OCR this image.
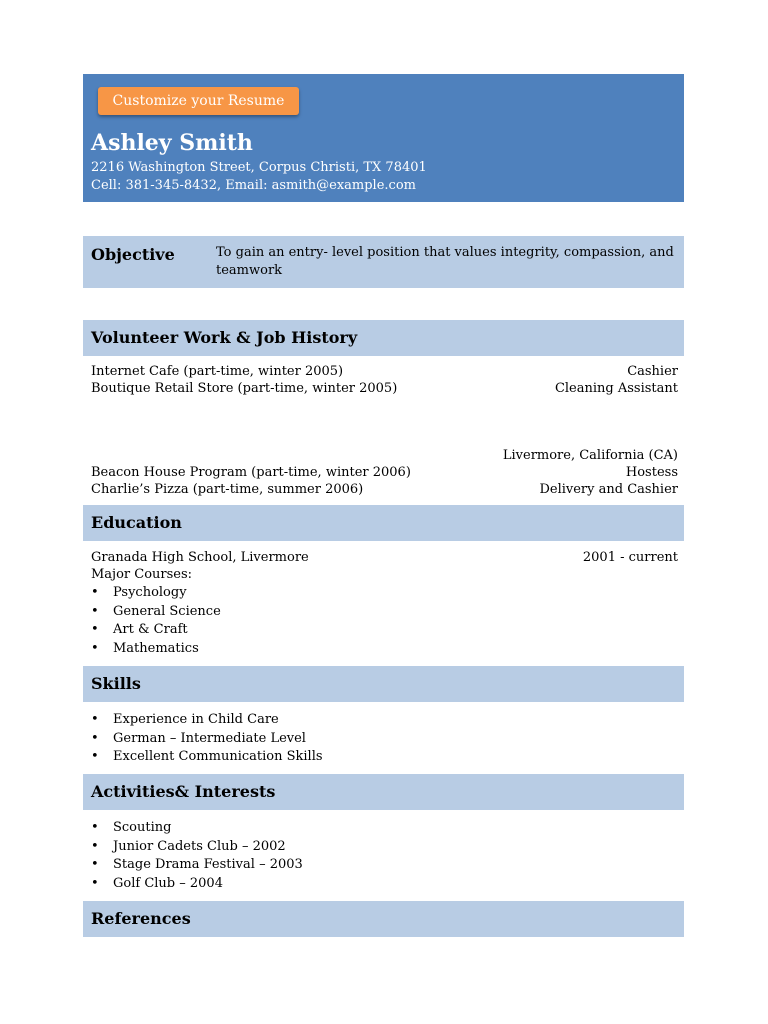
Customize your Resume
Ashley Smith
2216 Washington Street, Corpus Christi, TX 78401
Cell: 381-345-8432, Email: asmith@example.com
Objective	To gain an entry- level position that values integrity, compassion, and teamwork
Volunteer Work & Job History
Internet Cafe (part-time, winter 2005)	Cashier
Boutique Retail Store (part-time, winter 2005)	Cleaning Assistant
Livermore, California (CA)
Beacon House Program (part-time, winter 2006)	Hostess
Charlie’s Pizza (part-time, summer 2006)	Delivery and Cashier
Education
Granada High School, Livermore	2001 - current
Major Courses:
• Psychology
• General Science
• Art & Craft
• Mathematics
Skills
• Experience in Child Care
• German – Intermediate Level
• Excellent Communication Skills
Activities& Interests
• Scouting
• Junior Cadets Club – 2002
• Stage Drama Festival – 2003
• Golf Club – 2004
References
